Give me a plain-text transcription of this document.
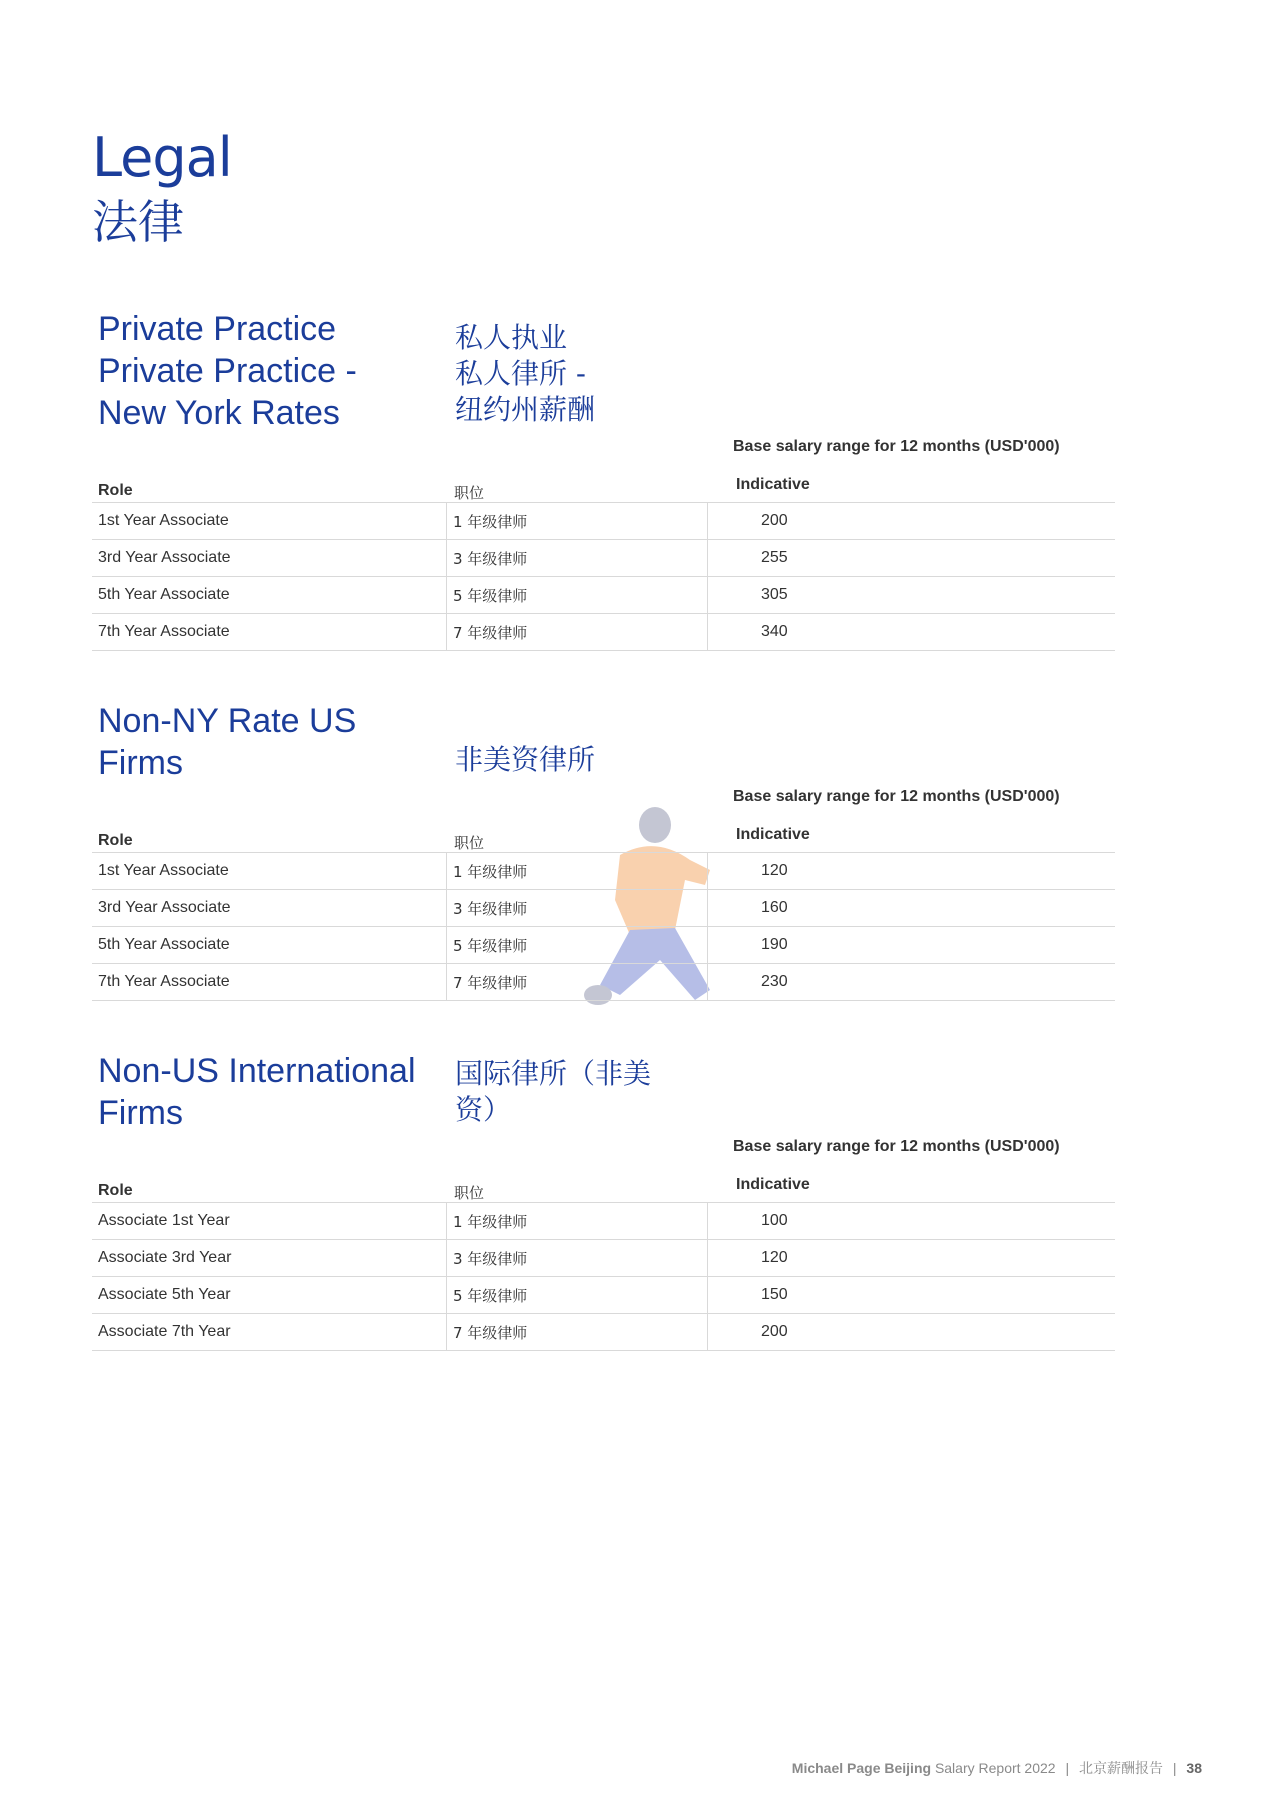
Legal
法律
Private Practice
Private Practice -
New York Rates
私人执业
私人律所 -
纽约州薪酬
Base salary range for 12 months (USD'000)
Role	职位	Indicative
1st Year Associate	1 年级律师	200
3rd Year Associate	3 年级律师	255
5th Year Associate	5 年级律师	305
7th Year Associate	7 年级律师	340
Non-NY Rate US
Firms	非美资律所
Base salary range for 12 months (USD'000)
Role	职位	Indicative
1st Year Associate	1 年级律师	120
3rd Year Associate	3 年级律师	160
5th Year Associate	5 年级律师	190
7th Year Associate	7 年级律师	230
Non-US International
Firms
国际律所（非美
资）
Base salary range for 12 months (USD'000)
Role	职位	Indicative
Associate 1st Year	1 年级律师	100
Associate 3rd Year	3 年级律师	120
Associate 5th Year	5 年级律师	150
Associate 7th Year	7 年级律师	200
Michael Page Beijing Salary Report 2022 | 北京薪酬报告 | 38
